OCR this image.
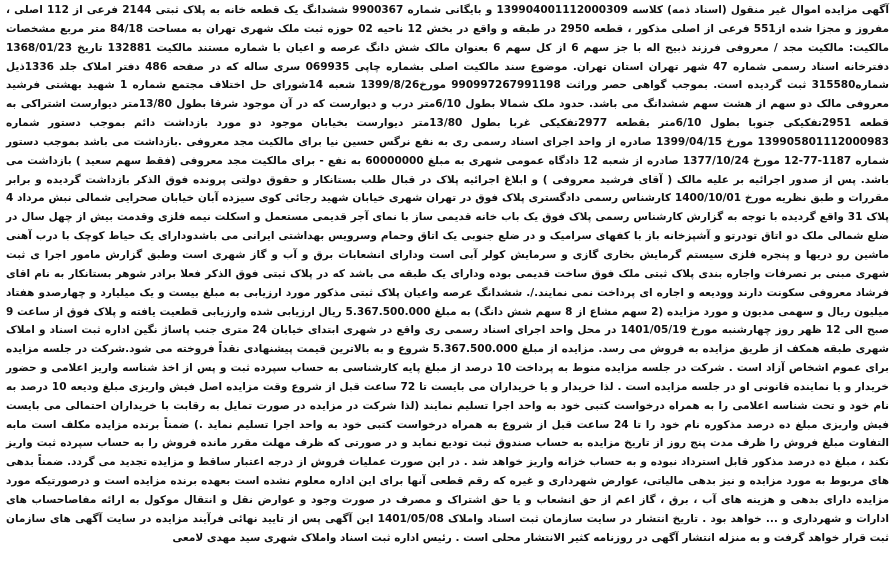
آگهی مزایده اموال غیر منقول (اسناد ذمه) کلاسه 139904001112000309 و بایگانی شماره 9900367 ششدانگ یک قطعه خانه به پلاک ثبتی 2144 فرعی از 112 اصلی ، مفروز و مجزا شده از551 فرعی از اصلی مذکور ، قطعه 2950 در طبقه و واقع در بخش 12 ناحیه 02 حوزه ثبت ملک شهری تهران به مساحت 84/18 متر مربع مشخصات مالکیت: مالکیت مجد / معروفی فرزند ذبیح اله با جز سهم 6 از کل سهم 6 بعنوان مالک شش دانگ عرصه و اعیان با شماره مستند مالکیت 132881 تاریخ 1368/01/23 دفترخانه اسناد رسمی شماره 47 شهر تهران استان تهران. موضوع سند مالکیت اصلی بشماره چاپی 069935 سری ساله که در صفحه 486 دفتر املاک جلد 1336ذیل شماره315580 ثبت گردیده است. بموجب گواهی حصر وراثت 990997267991198 مورخ1399/8/26 شعبه 14شورای حل اختلاف مجتمع شماره 1 شهید بهشتی فرشید معروفی مالک دو سهم از هشت سهم ششدانگ می باشد. حدود ملک شمالا بطول 6/10متر درب و دیوارست که در آن موجود شرقا بطول 13/80متر دیوارست اشتراکی به قطعه 2951تفکیکی جنوبا بطول 6/10متر بقطعه 2977تفکیکی غربا بطول 13/80متر دیوارست بخیابان موجود دو مورد بازداشت دائم بموجب دستور شماره 139905801112000983 مورخ 1399/04/15 صادره از واحد اجرای اسناد رسمی ری به نفع نرگس حسین نیا برای مالکیت مجد معروفی .بازداشت می باشد بموجب دستور شماره 1187-77-12 مورخ 1377/10/24 صادره از شعبه 12 دادگاه عمومی شهری به مبلغ 60000000 به نفع - برای مالکیت مجد معروفی (فقط سهم سعید ) بازداشت می باشد. پس از صدور اجرائیه بر علیه مالک ( آقای فرشید معروفی ) و ابلاغ اجرائیه پلاک در قبال طلب بستانکار و حقوق دولتی پرونده فوق الذکر بازداشت گردیده و برابر مقررات و طبق نظریه مورخ 1400/10/01 کارشناس رسمی دادگستری پلاک فوق در تهران شهری خیابان شهید رجائی کوی سیزده آبان خیابان صحرایی شمالی نبش مرداد 4 پلاک 31 واقع گردیده با توجه به گزارش کارشناس رسمی پلاک فوق یک باب خانه قدیمی ساز با نمای آجر قدیمی مستعمل و اسکلت نیمه فلزی وقدمت بیش از چهل سال در ضلع شمالی ملک دو اتاق تودرتو و آشپزخانه باز با کفهای سرامیک و در ضلع جنوبی یک اتاق وحمام وسرویس بهداشتی ایرانی می باشدودارای یک حیاط کوچک با درب آهنی ماشین رو دریها و پنجره فلزی سیستم گرمایش بخاری گازی و سرمایش کولر آبی است ودارای انشعابات برق و آب و گاز شهری است وطبق گزارش مامور اجرا ی ثبت شهری مبنی بر تصرفات واجاره بندی پلاک ثبتی ملک فوق ساخت قدیمی بوده ودارای یک طبقه می باشد که در پلاک ثبتی فوق الذکر فعلا برادر شوهر بستانکار به نام اقای فرشاد معروفی سکونت دارند وودیعه و اجاره ای پرداخت نمی نمایند./. ششدانگ عرصه واعیان پلاک ثبتی مذکور مورد ارزیابی به مبلغ بیست و یک میلیارد و چهارصدو هفتاد میلیون ریال و سهمی مدیون و مورد مزایده (2 سهم مشاع از 8 سهم شش دانگ) به مبلغ 5.367.500.000 ریال ارزیابی شده وارزیابی قطعیت یافته و پلاک فوق از ساعت 9 صبح الی 12 ظهر روز چهارشنبه مورخ 1401/05/19 در محل واحد اجرای اسناد رسمی ری واقع در شهری ابتدای خیابان 24 متری جنب پاساژ نگین اداره ثبت اسناد و املاک شهری طبقه همکف از طریق مزایده به فروش می رسد. مزایده از مبلغ 5.367.500.000 شروع و به بالاترین قیمت پیشنهادی نقداً فروخته می شود.شرکت در جلسه مزایده برای عموم اشخاص آزاد است . شرکت در جلسه مزایده منوط به پرداخت 10 درصد از مبلغ پایه کارشناسی به حساب سپرده ثبت و پس از اخذ شناسه واریز اعلامی و حضور خریدار و یا نماینده قانونی او در جلسه مزایده است . لذا خریدار و یا خریداران می بایست تا 72 ساعت قبل از شروع وقت مزایده اصل فیش واریزی مبلغ ودیعه 10 درصد به نام خود و تحت شناسه اعلامی را به همراه درخواست کتبی خود به واحد اجرا تسلیم نمایند (لذا شرکت در مزایده در صورت تمایل به رقابت با خریداران احتمالی می بایست فیش واریزی مبلغ ده درصد مذکوره نام خود را تا 24 ساعت قبل از شروع به همراه درخواست کتبی خود به واحد اجرا تسلیم نماید .) ضمناً برنده مزایده مکلف است مابه التفاوت مبلغ فروش را ظرف مدت پنج روز از تاریخ مزایده به حساب صندوق ثبت تودیع نماید و در صورتی که ظرف مهلت مقرر مانده فروش را به حساب سپرده ثبت واریز نکند ، مبلغ ده درصد مذکور قابل استرداد نبوده و به حساب خزانه واریز خواهد شد . در این صورت عملیات فروش از درجه اعتبار ساقط و مزایده تجدید می گردد. ضمناً بدهی های مربوط به مورد مزایده و نیز بدهی مالیاتی، عوارض شهرداری و غیره که رقم قطعی آنها برای این اداره معلوم نشده است بعهده برنده مزایده است و درصورتیکه مورد مزایده دارای بدهی و هزینه های آب ، برق ، گاز اعم از حق انشعاب و یا حق اشتراک و مصرف در صورت وجود و عوارض نقل و انتقال موکول به ارائه مفاصاحساب های ادارات و شهرداری و ... خواهد بود . تاریخ انتشار در سایت سازمان ثبت اسناد واملاک 1401/05/08 این آگهی پس از تایید نهائی فرآیند مزایده در سایت آگهی های سازمان ثبت قرار خواهد گرفت و به منزله انتشار آگهی در روزنامه کثیر الانتشار محلی است . رئیس اداره ثبت اسناد واملاک شهری سید مهدی لامعی
